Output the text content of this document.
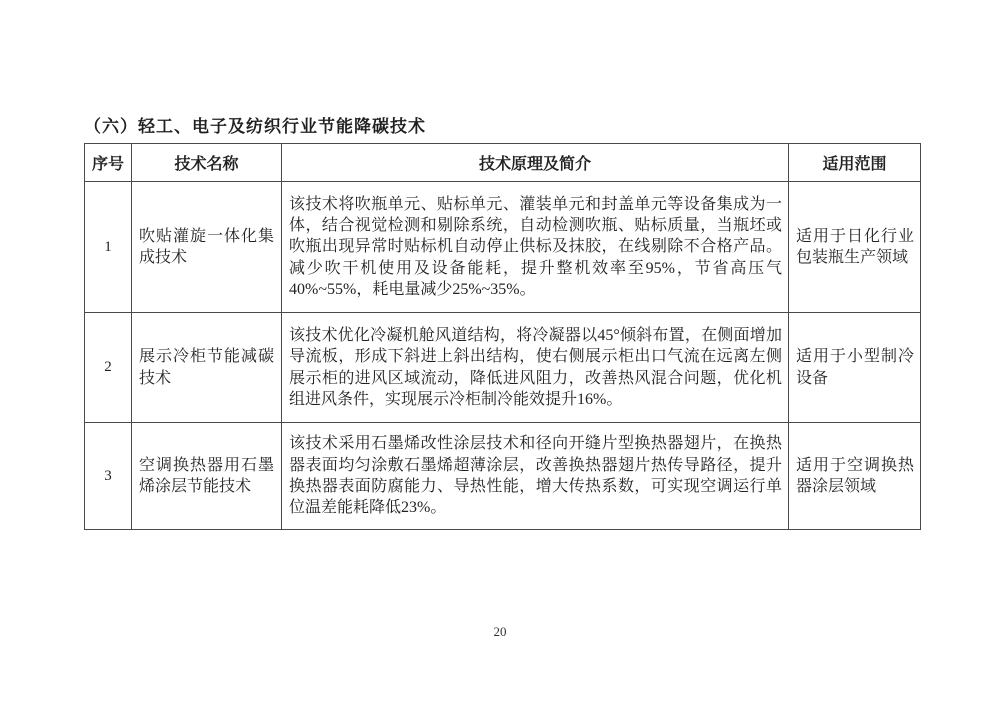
（六）轻工、电子及纺织行业节能降碳技术
序号	技术名称	技术原理及简介	适用范围
1	吹贴灌旋一体化集成技术	该技术将吹瓶单元、贴标单元、灌装单元和封盖单元等设备集成为一体，结合视觉检测和剔除系统，自动检测吹瓶、贴标质量，当瓶坯或吹瓶出现异常时贴标机自动停止供标及抹胶，在线剔除不合格产品。减少吹干机使用及设备能耗，提升整机效率至95%，节省高压气40%~55%，耗电量减少25%~35%。	适用于日化行业包装瓶生产领域
2	展示冷柜节能减碳技术	该技术优化冷凝机舱风道结构，将冷凝器以45°倾斜布置，在侧面增加导流板，形成下斜进上斜出结构，使右侧展示柜出口气流在远离左侧展示柜的进风区域流动，降低进风阻力，改善热风混合问题，优化机组进风条件，实现展示冷柜制冷能效提升16%。	适用于小型制冷设备
3	空调换热器用石墨烯涂层节能技术	该技术采用石墨烯改性涂层技术和径向开缝片型换热器翅片，在换热器表面均匀涂敷石墨烯超薄涂层，改善换热器翅片热传导路径，提升换热器表面防腐能力、导热性能，增大传热系数，可实现空调运行单位温差能耗降低23%。	适用于空调换热器涂层领域
20
